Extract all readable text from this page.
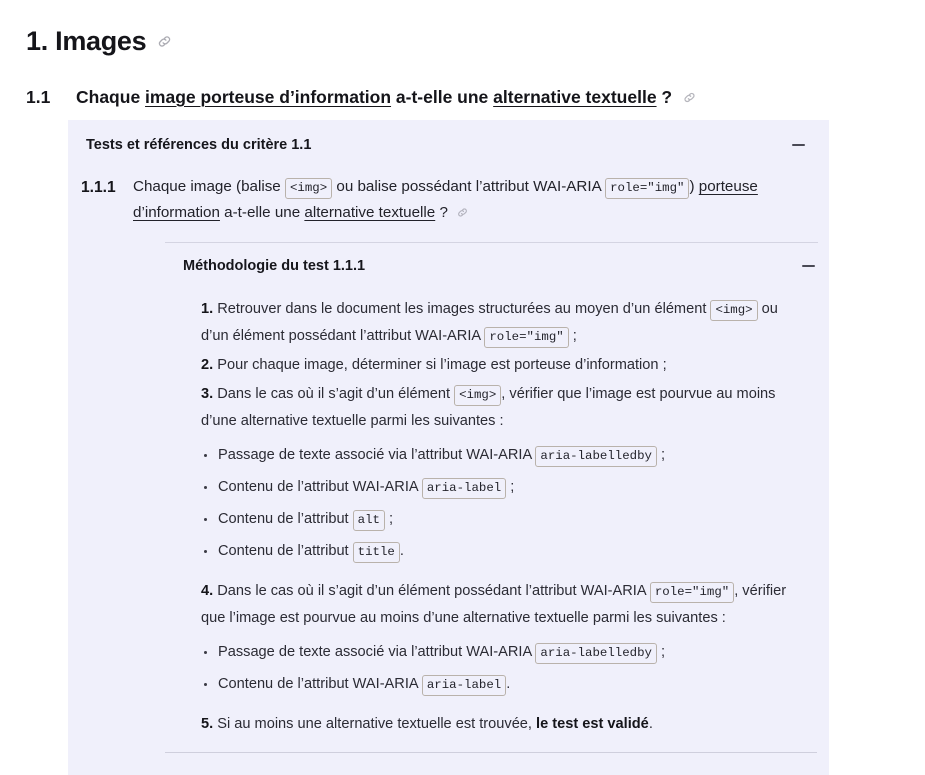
1. Images
1.1	Chaque image porteuse d’information a-t-elle une alternative textuelle ?
Tests et références du critère 1.1
1.1.1	Chaque image (balise <img> ou balise possédant l’attribut WAI-ARIA role="img" ) porteuse d’information a-t-elle une alternative textuelle ?
Méthodologie du test 1.1.1

1. Retrouver dans le document les images structurées au moyen d’un élément <img> ou d’un élément possédant l’attribut WAI-ARIA role="img" ;

2. Pour chaque image, déterminer si l’image est porteuse d’information ;

3. Dans le cas où il s’agit d’un élément <img> , vérifier que l’image est pourvue au moins d’une alternative textuelle parmi les suivantes :

Passage de texte associé via l’attribut WAI-ARIA aria-labelledby ;
Contenu de l’attribut WAI-ARIA aria-label ;
Contenu de l’attribut alt ;
Contenu de l’attribut title .

4. Dans le cas où il s’agit d’un élément possédant l’attribut WAI-ARIA role="img" , vérifier que l’image est pourvue au moins d’une alternative textuelle parmi les suivantes :

Passage de texte associé via l’attribut WAI-ARIA aria-labelledby ;
Contenu de l’attribut WAI-ARIA aria-label .

5. Si au moins une alternative textuelle est trouvée, le test est validé.
